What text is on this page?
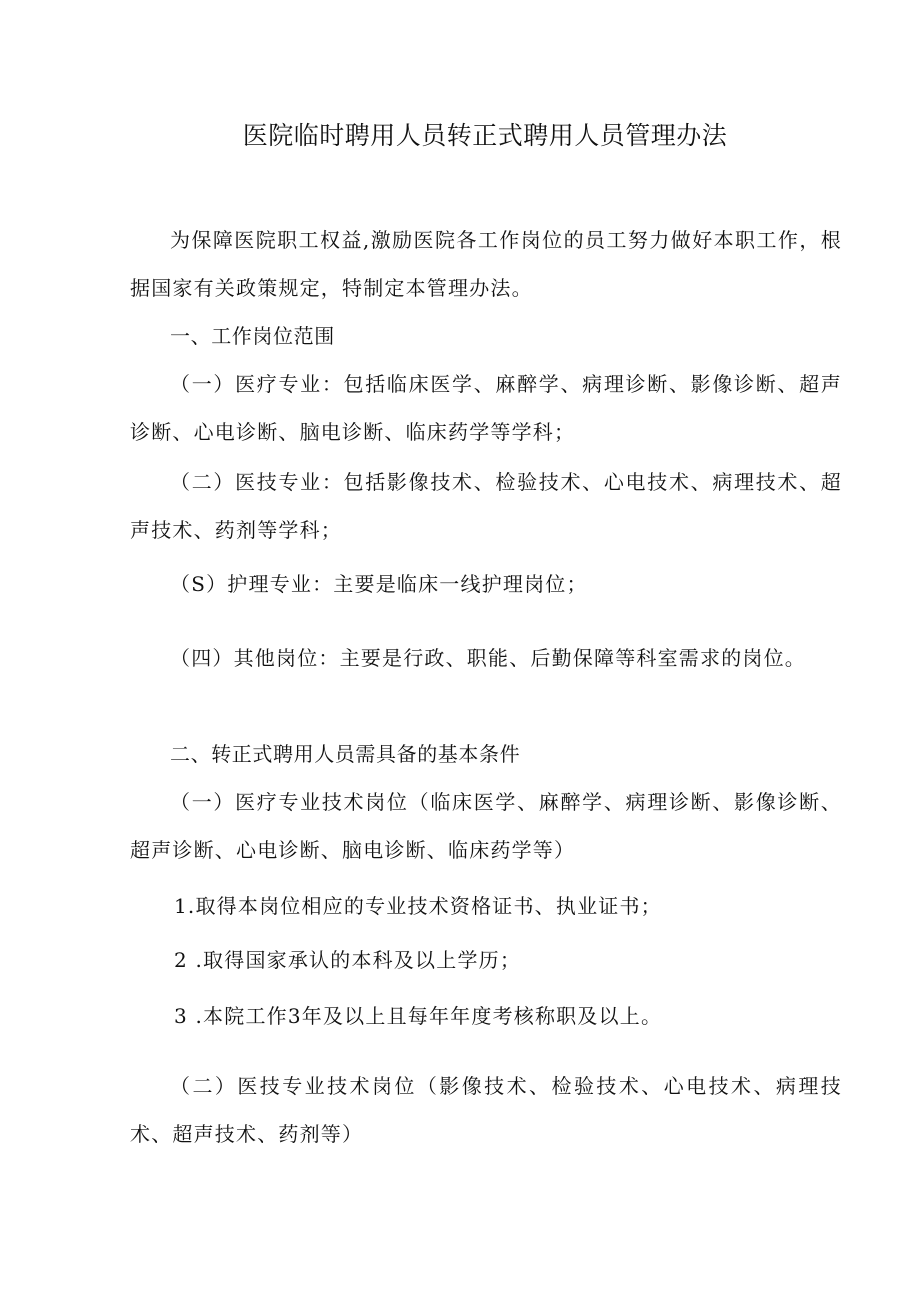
医院临时聘用人员转正式聘用人员管理办法

为保障医院职工权益,激励医院各工作岗位的员工努力做好本职工作，根据国家有关政策规定，特制定本管理办法。

一、工作岗位范围

（一）医疗专业：包括临床医学、麻醉学、病理诊断、影像诊断、超声诊断、心电诊断、脑电诊断、临床药学等学科；

（二）医技专业：包括影像技术、检验技术、心电技术、病理技术、超声技术、药剂等学科；

（S）护理专业：主要是临床一线护理岗位；

（四）其他岗位：主要是行政、职能、后勤保障等科室需求的岗位。

二、转正式聘用人员需具备的基本条件

（一）医疗专业技术岗位（临床医学、麻醉学、病理诊断、影像诊断、超声诊断、心电诊断、脑电诊断、临床药学等）

1.取得本岗位相应的专业技术资格证书、执业证书；

2 .取得国家承认的本科及以上学历；

3 .本院工作3年及以上且每年年度考核称职及以上。

（二）医技专业技术岗位（影像技术、检验技术、心电技术、病理技术、超声技术、药剂等）
